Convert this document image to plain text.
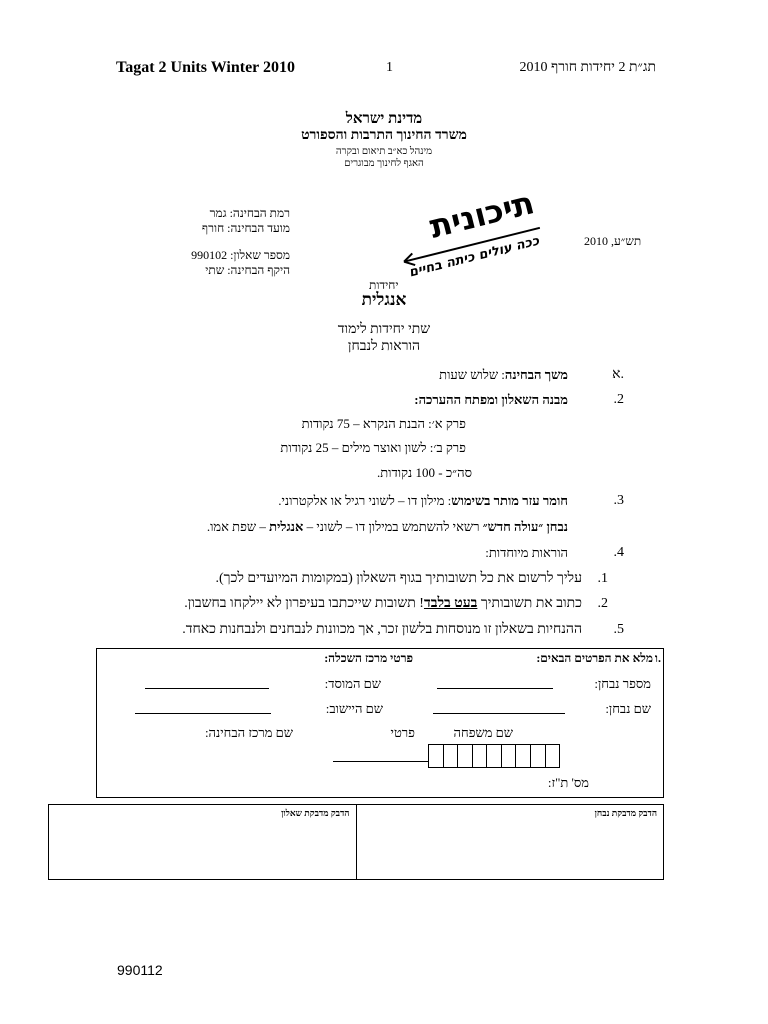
Tagat 2 Units Winter 2010	1	תג״ת 2 יחידות חורף 2010
מדינת ישראל
משרד החינוך התרבות והספורט
מינהל כא״ב תיאום ובקרה
האגף לחינוך מבוגרים
רמת הבחינה: גמר
מועד הבחינה: חורף
מספר שאלון: 990102
היקף הבחינה: שתי
יחידות
תש״ע, 2010
תיכונית
ככה עולים כיתה בחיים
אנגלית
שתי יחידות לימוד
הוראות לנבחן
א.
משך הבחינה: שלוש שעות
.2
מבנה השאלון ומפתח ההערכה:
פרק א׳: הבנת הנקרא – 75 נקודות
פרק ב׳: לשון ואוצר מילים – 25 נקודות
סה״כ - 100 נקודות.
.3
חומר עזר מותר בשימוש: מילון דו – לשוני רגיל או אלקטרוני.
נבחן ״עולה חדש״ רשאי להשתמש במילון דו – לשוני – אנגלית – שפת אמו.
.4
הוראות מיוחדות:
.1
עליך לרשום את כל תשובותיך בגוף השאלון (במקומות המיועדים לכך).
.2
כתוב את תשובותיך בעט בלבד! תשובות שייכתבו בעיפרון לא יילקחו בחשבון.
.5
ההנחיות בשאלון זו מנוסחות בלשון זכר, אך מכוונות לנבחנים ולנבחנות כאחד.
.ו
מלא את הפרטים הבאים:
פרטי מרכז השכלה:
מספר נבחן:
שם המוסד:
שם נבחן:
שם היישוב:
שם משפחה
פרטי
שם מרכז הבחינה:
מס' ת"ז:
הדבק מדבקת שאלון	הדבק מדבקת נבחן
990112
